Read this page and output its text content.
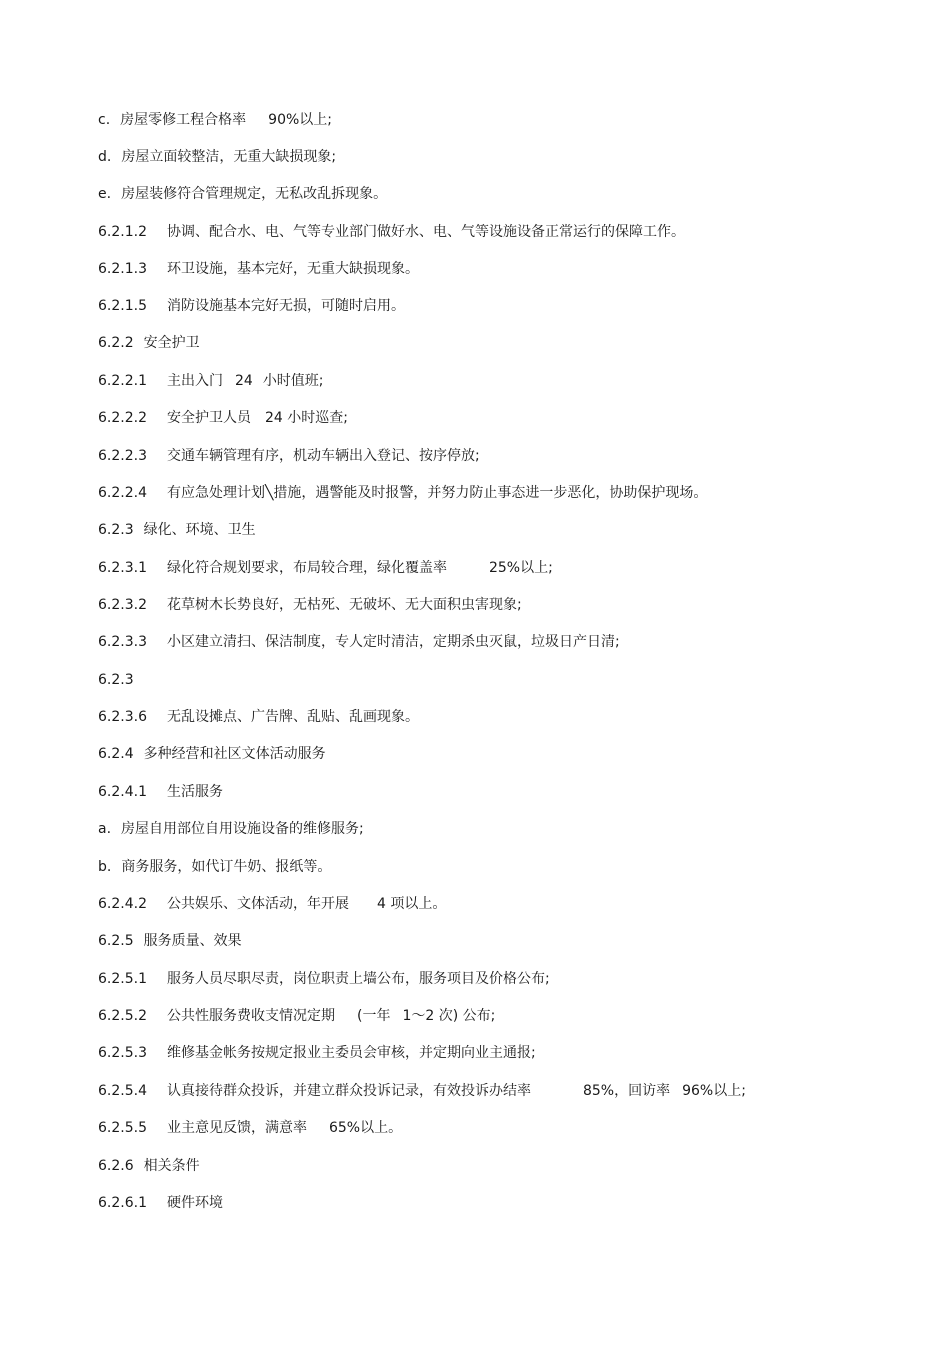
c. 房屋零修工程合格率 90%以上;
d. 房屋立面较整洁，无重大缺损现象;
e. 房屋装修符合管理规定，无私改乱拆现象。
6.2.1.2 协调、配合水、电、气等专业部门做好水、电、气等设施设备正常运行的保障工作。
6.2.1.3 环卫设施，基本完好，无重大缺损现象。
6.2.1.5 消防设施基本完好无损，可随时启用。
6.2.2 安全护卫
6.2.2.1 主出入门 24 小时值班;
6.2.2.2 安全护卫人员 24 小时巡查;
6.2.2.3 交通车辆管理有序，机动车辆出入登记、按序停放;
6.2.2.4 有应急处理计划╲措施，遇警能及时报警，并努力防止事态进一步恶化，协助保护现场。
6.2.3 绿化、环境、卫生
6.2.3.1 绿化符合规划要求，布局较合理，绿化覆盖率	25%以上;
6.2.3.2 花草树木长势良好，无枯死、无破坏、无大面积虫害现象;
6.2.3.3 小区建立清扫、保洁制度，专人定时清洁，定期杀虫灭鼠，垃圾日产日清;
6.2.3
6.2.3.6 无乱设摊点、广告牌、乱贴、乱画现象。
6.2.4 多种经营和社区文体活动服务
6.2.4.1 生活服务
a. 房屋自用部位自用设施设备的维修服务;
b. 商务服务，如代订牛奶、报纸等。
6.2.4.2 公共娱乐、文体活动，年开展 4 项以上。
6.2.5 服务质量、效果
6.2.5.1 服务人员尽职尽责，岗位职责上墙公布，服务项目及价格公布;
6.2.5.2 公共性服务费收支情况定期 (一年 1～2 次) 公布;
6.2.5.3 维修基金帐务按规定报业主委员会审核，并定期向业主通报;
6.2.5.4 认真接待群众投诉，并建立群众投诉记录，有效投诉办结率	85%，回访率 96%以上;
6.2.5.5 业主意见反馈，满意率 65%以上。
6.2.6 相关条件
6.2.6.1 硬件环境
